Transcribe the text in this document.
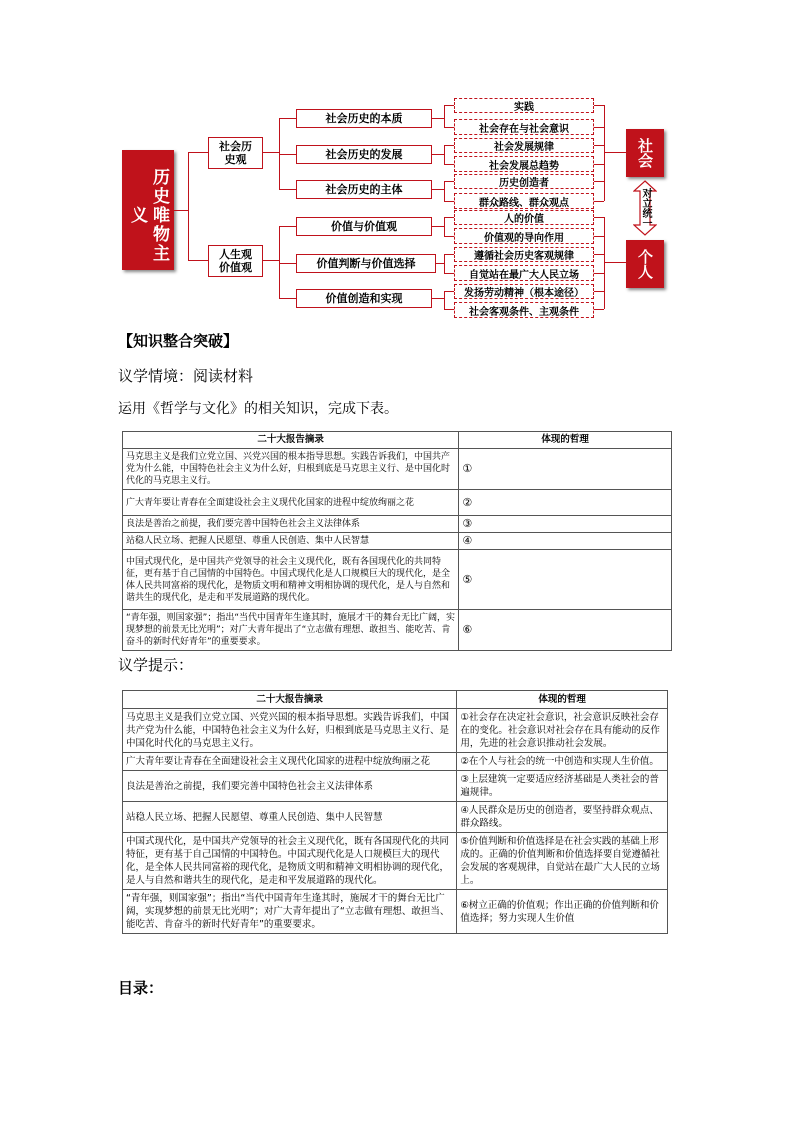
历史唯物主义
社会历史观
人生观价值观
社会历史的本质
社会历史的发展
社会历史的主体
价值与价值观
价值判断与价值选择
价值创造和实现
实践
社会存在与社会意识
社会发展规律
社会发展总趋势
历史创造者
群众路线、群众观点
人的价值
价值观的导向作用
遵循社会历史客观规律
自觉站在最广大人民立场
发扬劳动精神（根本途径）
社会客观条件、主观条件
社会
对立统一
个人
【知识整合突破】
议学情境：阅读材料
运用《哲学与文化》的相关知识，完成下表。
二十大报告摘录	体现的哲理
马克思主义是我们立党立国、兴党兴国的根本指导思想。实践告诉我们，中国共产党为什么能，中国特色社会主义为什么好，归根到底是马克思主义行、是中国化时代化的马克思主义行。	①
广大青年要让青春在全面建设社会主义现代化国家的进程中绽放绚丽之花	②
良法是善治之前提，我们要完善中国特色社会主义法律体系	③
站稳人民立场、把握人民愿望、尊重人民创造、集中人民智慧	④
中国式现代化，是中国共产党领导的社会主义现代化，既有各国现代化的共同特征，更有基于自己国情的中国特色。中国式现代化是人口规模巨大的现代化，是全体人民共同富裕的现代化，是物质文明和精神文明相协调的现代化，是人与自然和谐共生的现代化，是走和平发展道路的现代化。	⑤
“青年强，则国家强”；指出“当代中国青年生逢其时，施展才干的舞台无比广阔，实现梦想的前景无比光明”；对广大青年提出了“立志做有理想、敢担当、能吃苦、肯奋斗的新时代好青年”的重要要求。	⑥
议学提示：
二十大报告摘录	体现的哲理
马克思主义是我们立党立国、兴党兴国的根本指导思想。实践告诉我们，中国共产党为什么能，中国特色社会主义为什么好，归根到底是马克思主义行、是中国化时代化的马克思主义行。	①社会存在决定社会意识，社会意识反映社会存在的变化。社会意识对社会存在具有能动的反作用，先进的社会意识推动社会发展。
广大青年要让青春在全面建设社会主义现代化国家的进程中绽放绚丽之花	②在个人与社会的统一中创造和实现人生价值。
良法是善治之前提，我们要完善中国特色社会主义法律体系	③上层建筑一定要适应经济基础是人类社会的普遍规律。
站稳人民立场、把握人民愿望、尊重人民创造、集中人民智慧	④人民群众是历史的创造者，要坚持群众观点、群众路线。
中国式现代化，是中国共产党领导的社会主义现代化，既有各国现代化的共同特征，更有基于自己国情的中国特色。中国式现代化是人口规模巨大的现代化，是全体人民共同富裕的现代化，是物质文明和精神文明相协调的现代化，是人与自然和谐共生的现代化，是走和平发展道路的现代化。	⑤价值判断和价值选择是在社会实践的基础上形成的。正确的价值判断和价值选择要自觉遵循社会发展的客观规律，自觉站在最广大人民的立场上。
“青年强，则国家强”；指出“当代中国青年生逢其时，施展才干的舞台无比广阔，实现梦想的前景无比光明”；对广大青年提出了“立志做有理想、敢担当、能吃苦、肯奋斗的新时代好青年”的重要要求。	⑥树立正确的价值观；作出正确的价值判断和价值选择；努力实现人生价值
目录：
